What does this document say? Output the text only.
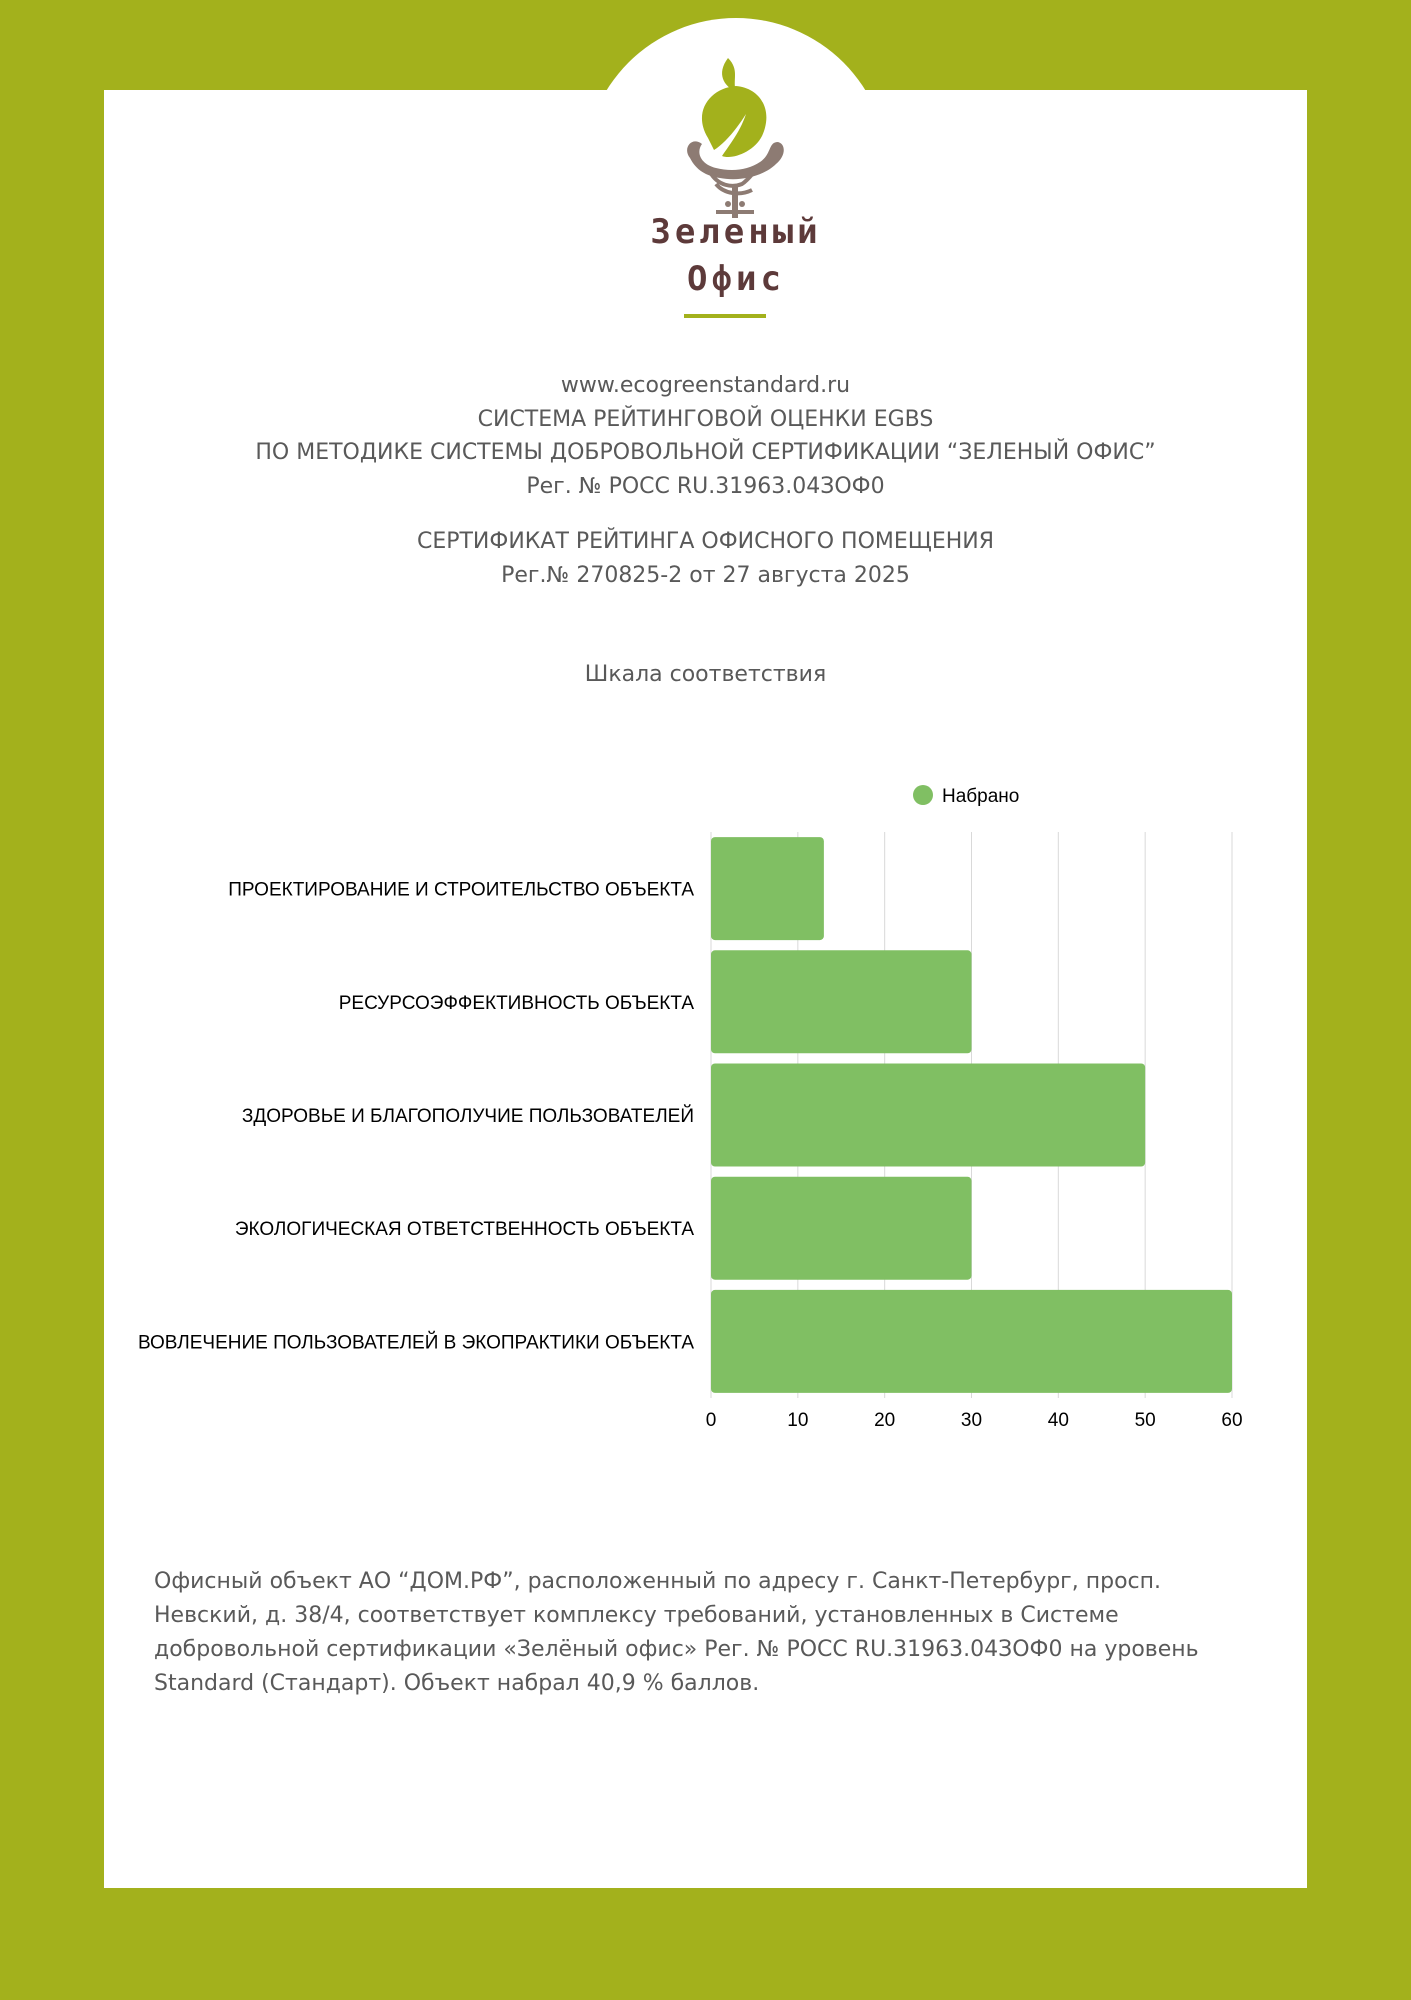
Зеленый
Офис
www.ecogreenstandard.ru
СИСТЕМА РЕЙТИНГОВОЙ ОЦЕНКИ EGBS
ПО МЕТОДИКЕ СИСТЕМЫ ДОБРОВОЛЬНОЙ СЕРТИФИКАЦИИ “ЗЕЛЕНЫЙ ОФИС”
Рег. № РОСС RU.31963.04ЗОФ0
СЕРТИФИКАТ РЕЙТИНГА ОФИСНОГО ПОМЕЩЕНИЯ
Рег.№ 270825-2 от 27 августа 2025
Шкала соответствия
0	10	20	30	40	50	60
ПРОЕКТИРОВАНИЕ И СТРОИТЕЛЬСТВО ОБЪЕКТА
РЕСУРСОЭФФЕКТИВНОСТЬ ОБЪЕКТА
ЗДОРОВЬЕ И БЛАГОПОЛУЧИЕ ПОЛЬЗОВАТЕЛЕЙ
ЭКОЛОГИЧЕСКАЯ ОТВЕТСТВЕННОСТЬ ОБЪЕКТА
ВОВЛЕЧЕНИЕ ПОЛЬЗОВАТЕЛЕЙ В ЭКОПРАКТИКИ ОБЪЕКТА
Набрано
Офисный объект АО “ДОМ.РФ”, расположенный по адресу г. Санкт-Петербург, просп. Невский, д. 38/4, соответствует комплексу требований, установленных в Системе добровольной сертификации «Зелёный офис» Рег. № РОСС RU.31963.04ЗОФ0 на уровень Standard (Стандарт). Объект набрал 40,9 % баллов.
